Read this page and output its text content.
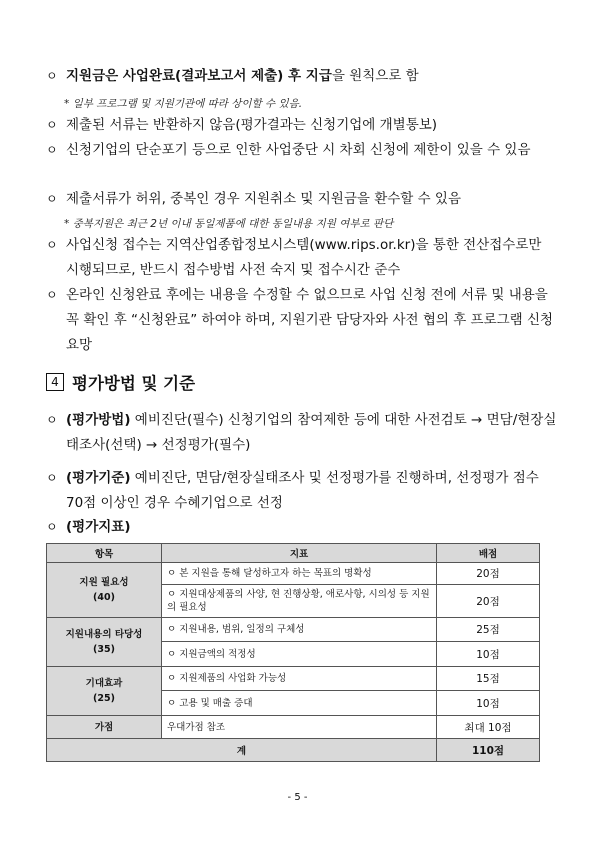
ㅇ 지원금은 사업완료(결과보고서 제출) 후 지급을 원칙으로 함
* 일부 프로그램 및 지원기관에 따라 상이할 수 있음.
ㅇ 제출된 서류는 반환하지 않음(평가결과는 신청기업에 개별통보)
ㅇ 신청기업의 단순포기 등으로 인한 사업중단 시 차회 신청에 제한이 있을 수 있음
ㅇ 제출서류가 허위, 중복인 경우 지원취소 및 지원금을 환수할 수 있음
* 중복지원은 최근 2년 이내 동일제품에 대한 동일내용 지원 여부로 판단
ㅇ 사업신청 접수는 지역산업종합정보시스템(www.rips.or.kr)을 통한 전산접수로만 시행되므로, 반드시 접수방법 사전 숙지 및 접수시간 준수
ㅇ 온라인 신청완료 후에는 내용을 수정할 수 없으므로 사업 신청 전에 서류 및 내용을 꼭 확인 후 “신청완료” 하여야 하며, 지원기관 담당자와 사전 협의 후 프로그램 신청요망
4 평가방법 및 기준
ㅇ (평가방법) 예비진단(필수) 신청기업의 참여제한 등에 대한 사전검토 → 면담/현장실태조사(선택) → 선정평가(필수)
ㅇ (평가기준) 예비진단, 면담/현장실태조사 및 선정평가를 진행하며, 선정평가 점수 70점 이상인 경우 수혜기업으로 선정
ㅇ (평가지표)
항목	지표	배점

지원 필요성
(40)	ㅇ 본 지원을 통해 달성하고자 하는 목표의 명확성	20점
	ㅇ 지원대상제품의 사양, 현 진행상황, 애로사항, 시의성 등 지원의 필요성	20점

지원내용의 타당성
(35)	ㅇ 지원내용, 범위, 일정의 구체성	25점
	ㅇ 지원금액의 적정성	10점

기대효과
(25)	ㅇ 지원제품의 사업화 가능성	15점
	ㅇ 고용 및 매출 증대	10점
가점	우대가점 참조	최대 10점
계		110점
- 5 -
